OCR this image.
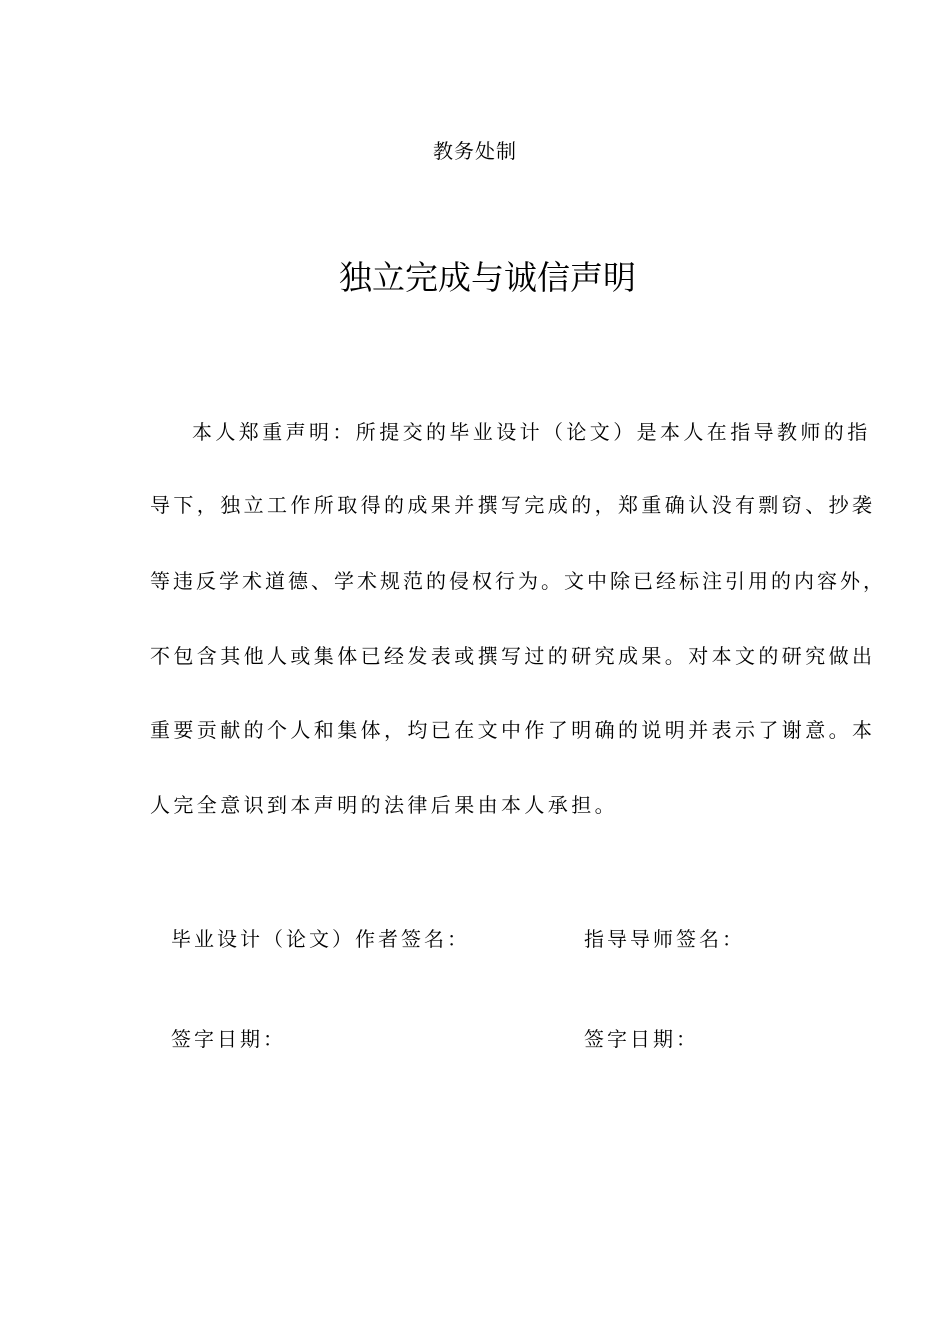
教务处制
独立完成与诚信声明
本人郑重声明：所提交的毕业设计（论文）是本人在指导教师的指
导下，独立工作所取得的成果并撰写完成的，郑重确认没有剽窃、抄袭
等违反学术道德、学术规范的侵权行为。文中除已经标注引用的内容外，
不包含其他人或集体已经发表或撰写过的研究成果。对本文的研究做出
重要贡献的个人和集体，均已在文中作了明确的说明并表示了谢意。本
人完全意识到本声明的法律后果由本人承担。
毕业设计（论文）作者签名：	指导导师签名：
签字日期：	签字日期：
